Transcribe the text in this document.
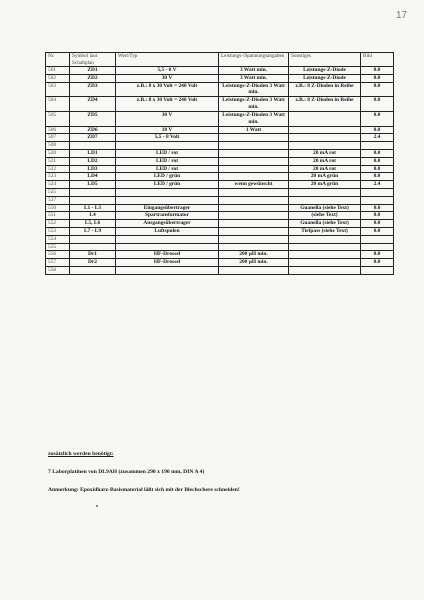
17
Nr.	Symbol laut Schaltplan	Wert/Typ	Leistungs-/Spannungsangaben	Sonstiges	Bild
501	ZD1	5,5 - 8 V	3 Watt min.	Leistungs-Z-Diode	0.0
502	ZD2	30 V	3 Watt min.	Leistungs-Z-Diode	0.0
503	ZD3	z.B.: 8 x 30 Volt = 240 Volt	Leistungs-Z-Dioden 3 Watt min.	z.B.: 8 Z-Dioden in Reihe	0.0
504	ZD4	z.B.: 8 x 30 Volt = 240 Volt	Leistungs-Z-Dioden 3 Watt min.	z.B.: 8 Z-Dioden in Reihe	0.0
505	ZD5	30 V	Leistungs-Z-Dioden 3 Watt min.		0.0
506	ZD6	18 V	1 Watt		0.0
507	ZD7	5,5 - 8 Volt			2.4
508					
520	LD1	LED / rot		20 mA rot	0.0
521	LD2	LED / rot		20 mA rot	0.0
522	LD3	LED / rot		20 mA rot	0.0
523	LD4	LED / grün		20 mA grün	0.0
524	LD5	LED / grün	wenn gewünscht	20 mA grün	2.4
525					
527					
550	L1 - L3	Eingangsübertrager		Guanella (siehe Text)	0.0
551	L4	Spartransformator		(siehe Text)	0.0
552	L5, L6	Ausgangsübertrager		Guanella (siehe Text)	0.0
553	L7 - L9	Luftspulen		Tiefpass (siehe Text)	0.0
554					
555					
556	Dr1	HF-Drossel	200 µH min.		0.0
557	Dr2	HF-Drossel	200 µH min.		0.0
558					
zusätzlich werden benötigt:
7 Laborplatinen von DL9AH (zusammen 290 x 190 mm, DIN A 4)
Anmerkung: Epoxidharz-Basismaterial läßt sich mit der Blechschere schneiden!
